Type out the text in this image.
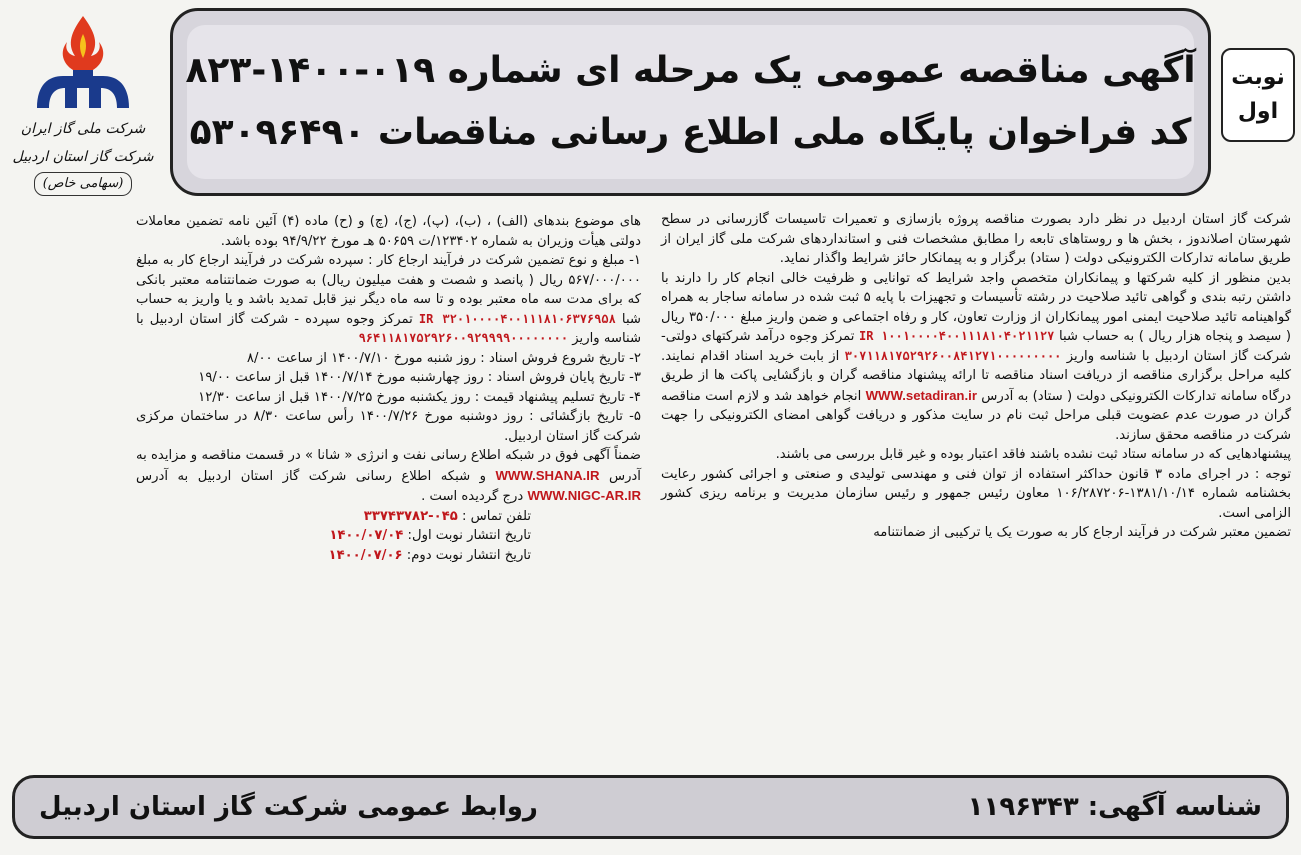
نوبت
اول
آگهی مناقصه عمومی یک مرحله ای شماره ۰۱۹-۱۴۰۰-۸۲۳
کد فراخوان پایگاه ملی اطلاع رسانی مناقصات ۵۳۰۹۶۴۹۰
شرکت ملی گاز ایران
شرکت گاز استان اردبیل
(سهامی خاص)

شرکت گاز استان اردبیل در نظر دارد بصورت مناقصه پروژه بازسازی و تعمیرات تاسیسات گازرسانی در سطح شهرستان اصلاندوز ، بخش ها و روستاهای تابعه را مطابق مشخصات فنی و استانداردهای شرکت ملی گاز ایران از طریق سامانه تدارکات الکترونیکی دولت ( ستاد) برگزار و به پیمانکار حائز شرایط واگذار نماید.

بدین منظور از کلیه شرکتها و پیمانکاران متخصص واجد شرایط که توانایی و ظرفیت خالی انجام کار را دارند با داشتن رتبه بندی و گواهی تائید صلاحیت در رشته تأسیسات و تجهیزات با پایه ۵ ثبت شده در سامانه ساجار به همراه گواهینامه تائید صلاحیت ایمنی امور پیمانکاران از وزارت تعاون، کار و رفاه اجتماعی و ضمن واریز مبلغ ۳۵۰/۰۰۰ ریال ( سیصد و پنجاه هزار ریال ) به حساب شبا IR ۱۰۰۱۰۰۰۰۴۰۰۱۱۱۸۱۰۴۰۲۱۱۲۷ تمرکز وجوه درآمد شرکتهای دولتی- شرکت گاز استان اردبیل با شناسه واریز ۳۰۷۱۱۸۱۷۵۲۹۲۶۰۰۸۴۱۲۷۱۰۰۰۰۰۰۰۰۰ از بابت خرید اسناد اقدام نمایند. کلیه مراحل برگزاری مناقصه از دریافت اسناد مناقصه تا ارائه پیشنهاد مناقصه گران و بازگشایی پاکت ها از طریق درگاه سامانه تدارکات الکترونیکی دولت ( ستاد) به آدرس WWW.setadiran.ir انجام خواهد شد و لازم است مناقصه گران در صورت عدم عضویت قبلی مراحل ثبت نام در سایت مذکور و دریافت گواهی امضای الکترونیکی را جهت شرکت در مناقصه محقق سازند.

پیشنهادهایی که در سامانه ستاد ثبت نشده باشند فاقد اعتبار بوده و غیر قابل بررسی می باشند.

توجه : در اجرای ماده ۳ قانون حداکثر استفاده از توان فنی و مهندسی تولیدی و صنعتی و اجرائی کشور رعایت بخشنامه شماره ۱۳۸۱/۱۰/۱۴-۱۰۶/۲۸۷۲۰۶ معاون رئیس جمهور و رئیس سازمان مدیریت و برنامه ریزی کشور الزامی است.

تضمین معتبر شرکت در فرآیند ارجاع کار به صورت یک یا ترکیبی از ضمانتنامه

های موضوع بندهای (الف) ، (ب)، (پ)، (ج)، (چ) و (ح) ماده (۴) آئین نامه تضمین معاملات دولتی هیأت وزیران به شماره ۱۲۳۴۰۲/ت ۵۰۶۵۹ هـ مورخ ۹۴/۹/۲۲ بوده باشد.

۱- مبلغ و نوع تضمین شرکت در فرآیند ارجاع کار : سپرده شرکت در فرآیند ارجاع کار به مبلغ ۵۶۷/۰۰۰/۰۰۰ ریال ( پانصد و شصت و هفت میلیون ریال) به صورت ضمانتنامه معتبر بانکی که برای مدت سه ماه معتبر بوده و تا سه ماه دیگر نیز قابل تمدید باشد و یا واریز به حساب شبا IR ۳۲۰۱۰۰۰۰۴۰۰۱۱۱۸۱۰۶۳۷۶۹۵۸ تمرکز وجوه سپرده - شرکت گاز استان اردبیل با شناسه واریز ۹۶۴۱۱۸۱۷۵۲۹۲۶۰۰۹۲۹۹۹۹۰۰۰۰۰۰۰۰

۲- تاریخ شروع فروش اسناد : روز شنبه مورخ ۱۴۰۰/۷/۱۰ از ساعت ۸/۰۰

۳- تاریخ پایان فروش اسناد : روز چهارشنبه مورخ ۱۴۰۰/۷/۱۴ قبل از ساعت ۱۹/۰۰

۴- تاریخ تسلیم پیشنهاد قیمت : روز یکشنبه مورخ ۱۴۰۰/۷/۲۵ قبل از ساعت ۱۲/۳۰

۵- تاریخ بازگشائی : روز دوشنبه مورخ ۱۴۰۰/۷/۲۶ رأس ساعت ۸/۳۰ در ساختمان مرکزی شرکت گاز استان اردبیل.

ضمناً آگهی فوق در شبکه اطلاع رسانی نفت و انرژی « شانا » در قسمت مناقصه و مزایده به آدرس WWW.SHANA.IR و شبکه اطلاع رسانی شرکت گاز استان اردبیل به آدرس WWW.NIGC-AR.IR درج گردیده است .

تلفن تماس : ۰۴۵-۳۳۷۴۳۷۸۲

تاریخ انتشار نوبت اول: ۱۴۰۰/۰۷/۰۴

تاریخ انتشار نوبت دوم: ۱۴۰۰/۰۷/۰۶

شناسه آگهی: ۱۱۹۶۳۴۳
روابط عمومی شرکت گاز استان اردبیل
